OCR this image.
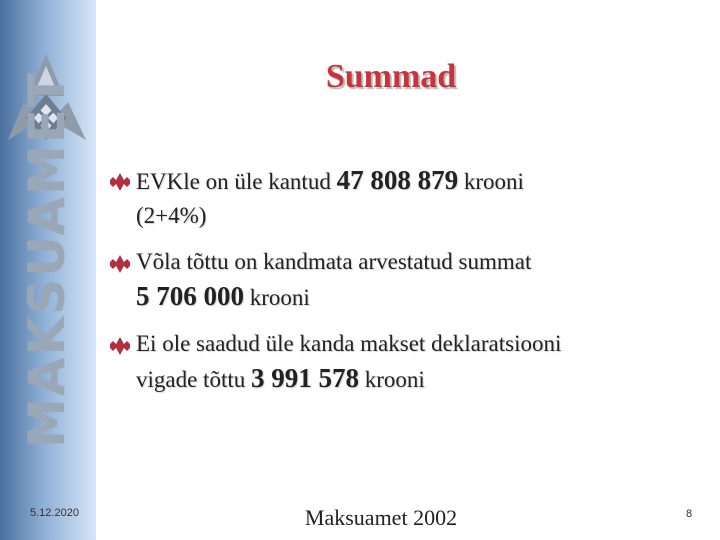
MAKSUAMET
5.12.2020
Summad
EVKle on üle kantud 47 808 879 krooni
(2+4%)
Võla tõttu on kandmata arvestatud summat
5 706 000 krooni
Ei ole saadud üle kanda makset deklaratsiooni
vigade tõttu 3 991 578 krooni
Maksuamet 2002	8
